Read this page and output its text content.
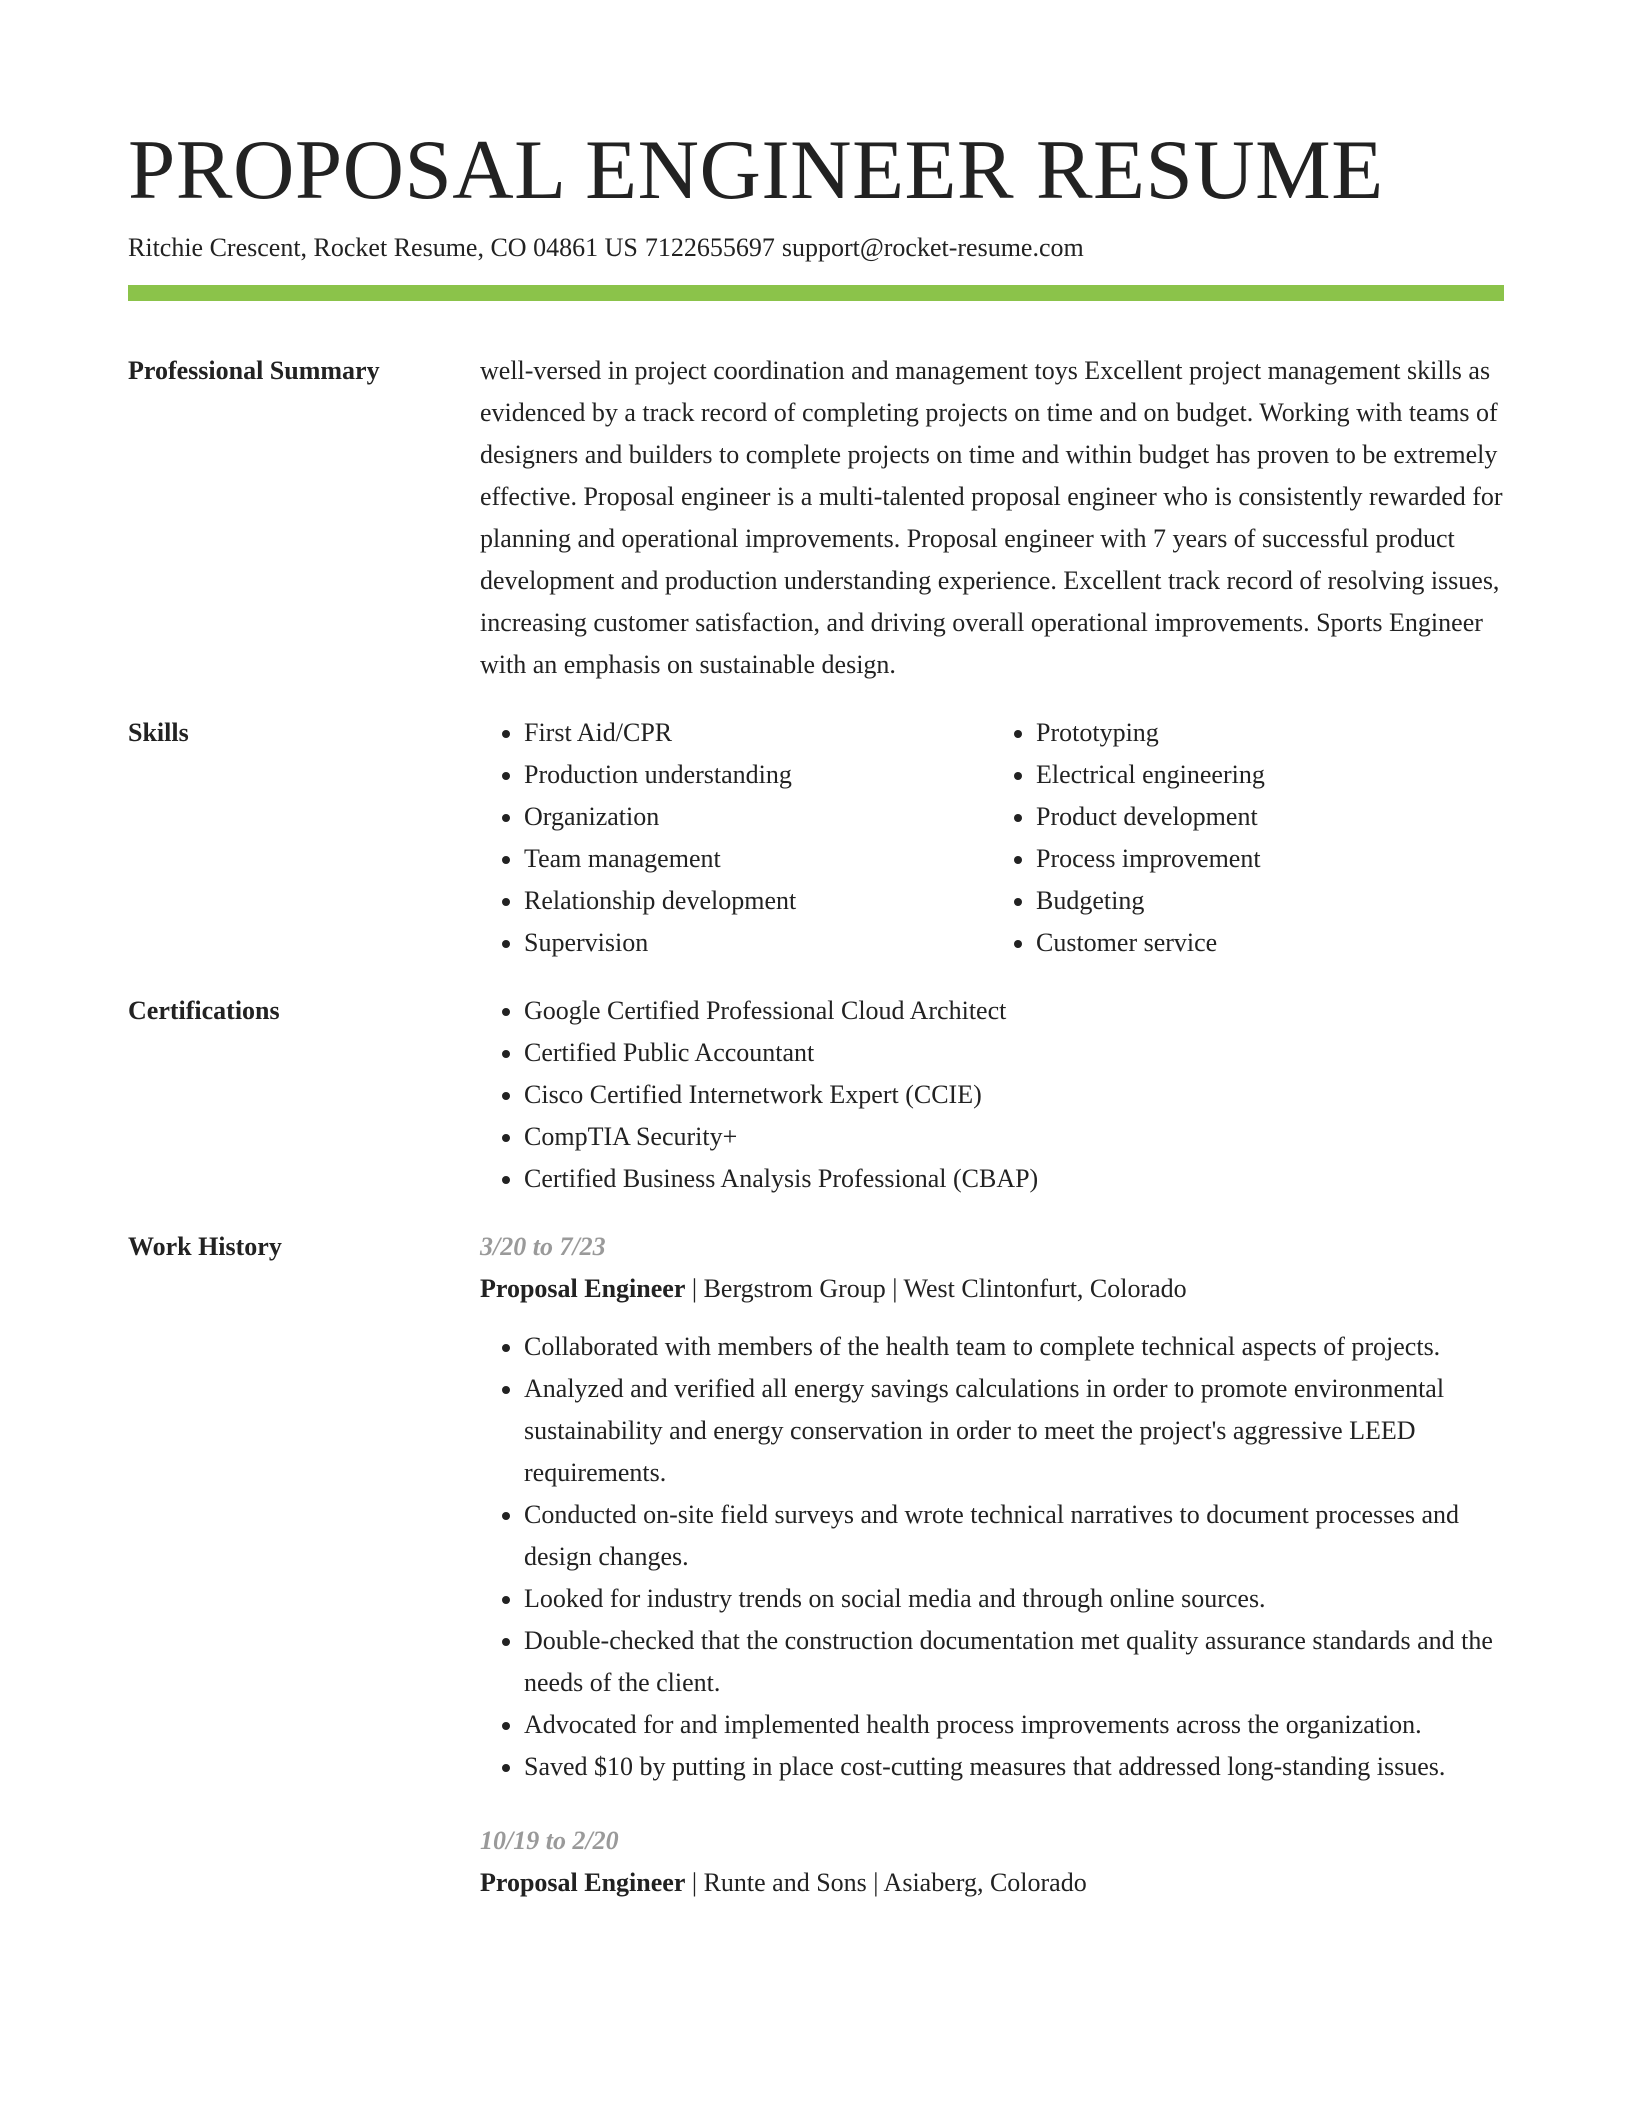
PROPOSAL ENGINEER RESUME
Ritchie Crescent, Rocket Resume, CO 04861 US 7122655697 support@rocket-resume.com
Professional Summary	well-versed in project coordination and management toys Excellent project management skills as evidenced by a track record of completing projects on time and on budget. Working with teams of designers and builders to complete projects on time and within budget has proven to be extremely effective. Proposal engineer is a multi-talented proposal engineer who is consistently rewarded for planning and operational improvements. Proposal engineer with 7 years of successful product development and production understanding experience. Excellent track record of resolving issues, increasing customer satisfaction, and driving overall operational improvements. Sports Engineer with an emphasis on sustainable design.

Skills	• First Aid/CPR
• Production understanding
• Organization
• Team management
• Relationship development
• Supervision
• Prototyping
• Electrical engineering
• Product development
• Process improvement
• Budgeting
• Customer service
Certifications	• Google Certified Professional Cloud Architect
• Certified Public Accountant
• Cisco Certified Internetwork Expert (CCIE)
• CompTIA Security+
• Certified Business Analysis Professional (CBAP)
Work History	3/20 to 7/23
Proposal Engineer | Bergstrom Group | West Clintonfurt, Colorado
• Collaborated with members of the health team to complete technical aspects of projects.
• Analyzed and verified all energy savings calculations in order to promote environmental sustainability and energy conservation in order to meet the project's aggressive LEED requirements.
• Conducted on-site field surveys and wrote technical narratives to document processes and design changes.
• Looked for industry trends on social media and through online sources.
• Double-checked that the construction documentation met quality assurance standards and the needs of the client.
• Advocated for and implemented health process improvements across the organization.
• Saved $10 by putting in place cost-cutting measures that addressed long-standing issues.
10/19 to 2/20
Proposal Engineer | Runte and Sons | Asiaberg, Colorado
